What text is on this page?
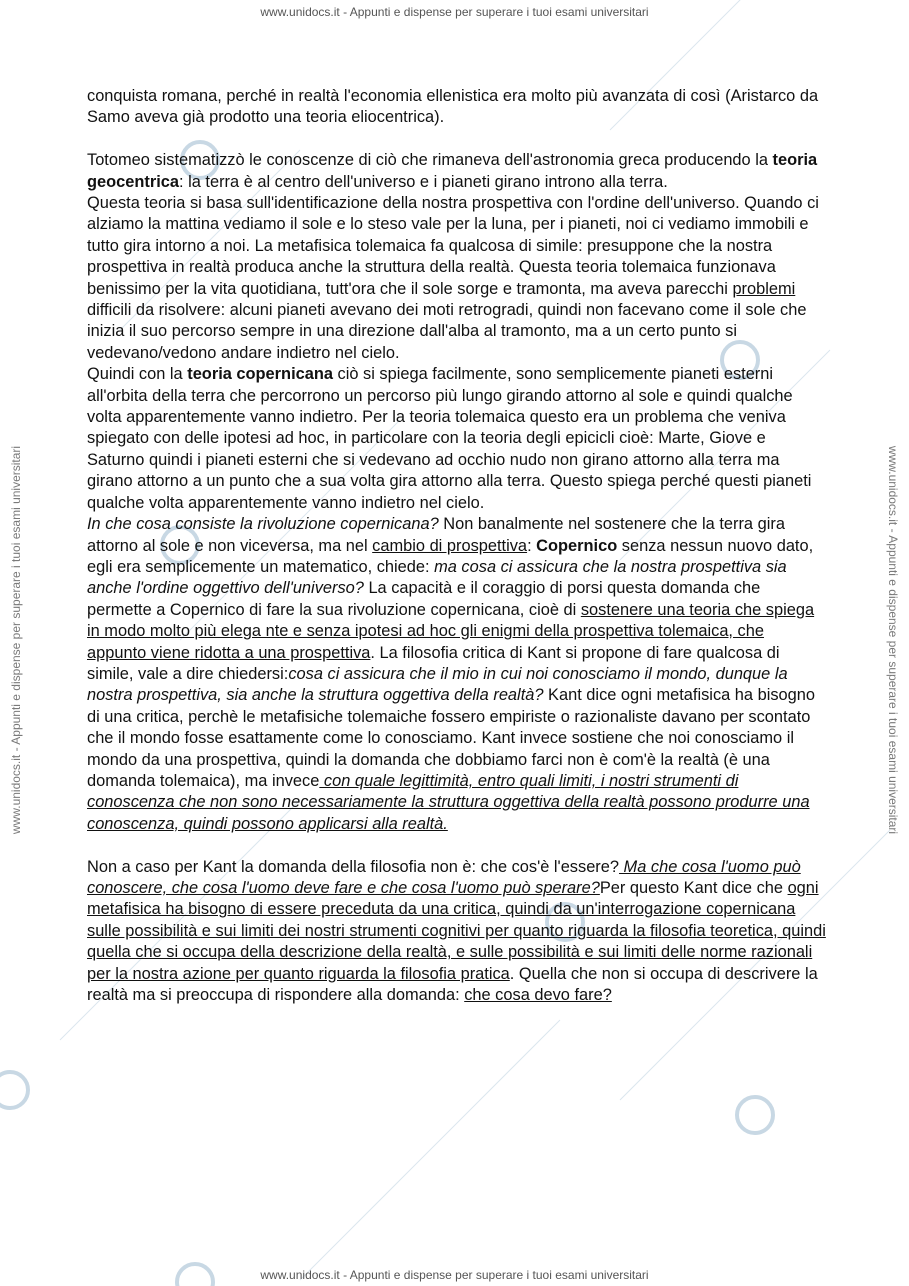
www.unidocs.it - Appunti e dispense per superare i tuoi esami universitari
www.unidocs.it - Appunti e dispense per superare i tuoi esami universitari	www.unidocs.it - Appunti e dispense per superare i tuoi esami universitari

conquista romana, perché in realtà l'economia ellenistica era molto più avanzata di così (Aristarco da Samo aveva già prodotto una teoria eliocentrica).

Totomeo sistematizzò le conoscenze di ciò che rimaneva dell'astronomia greca producendo la teoria geocentrica: la terra è al centro dell'universo e i pianeti girano introno alla terra.

Questa teoria si basa sull'identificazione della nostra prospettiva con l'ordine dell'universo. Quando ci alziamo la mattina vediamo il sole e lo steso vale per la luna, per i pianeti, noi ci vediamo immobili e tutto gira intorno a noi. La metafisica tolemaica fa qualcosa di simile: presuppone che la nostra prospettiva in realtà produca anche la struttura della realtà. Questa teoria tolemaica funzionava benissimo per la vita quotidiana, tutt'ora che il sole sorge e tramonta, ma aveva parecchi problemi difficili da risolvere: alcuni pianeti avevano dei moti retrogradi, quindi non facevano come il sole che inizia il suo percorso sempre in una direzione dall'alba al tramonto, ma a un certo punto si vedevano/vedono andare indietro nel cielo.

Quindi con la teoria copernicana ciò si spiega facilmente, sono semplicemente pianeti esterni all'orbita della terra che percorrono un percorso più lungo girando attorno al sole e quindi qualche volta apparentemente vanno indietro. Per la teoria tolemaica questo era un problema che veniva spiegato con delle ipotesi ad hoc, in particolare con la teoria degli epicicli cioè: Marte, Giove e Saturno quindi i pianeti esterni che si vedevano ad occhio nudo non girano attorno alla terra ma girano attorno a un punto che a sua volta gira attorno alla terra. Questo spiega perché questi pianeti qualche volta apparentemente vanno indietro nel cielo.

In che cosa consiste la rivoluzione copernicana? Non banalmente nel sostenere che la terra gira attorno al sole e non viceversa, ma nel cambio di prospettiva: Copernico senza nessun nuovo dato, egli era semplicemente un matematico, chiede: ma cosa ci assicura che la nostra prospettiva sia anche l'ordine oggettivo dell'universo? La capacità e il coraggio di porsi questa domanda che permette a Copernico di fare la sua rivoluzione copernicana, cioè di sostenere una teoria che spiega in modo molto più elega nte e senza ipotesi ad hoc gli enigmi della prospettiva tolemaica, che appunto viene ridotta a una prospettiva. La filosofia critica di Kant si propone di fare qualcosa di simile, vale a dire chiedersi:cosa ci assicura che il mio in cui noi conosciamo il mondo, dunque la nostra prospettiva, sia anche la struttura oggettiva della realtà? Kant dice ogni metafisica ha bisogno di una critica, perchè le metafisiche tolemaiche fossero empiriste o razionaliste davano per scontato che il mondo fosse esattamente come lo conosciamo. Kant invece sostiene che noi conosciamo il mondo da una prospettiva, quindi la domanda che dobbiamo farci non è com'è la realtà (è una domanda tolemaica), ma invece con quale legittimità, entro quali limiti, i nostri strumenti di conoscenza che non sono necessariamente la struttura oggettiva della realtà possono produrre una conoscenza, quindi possono applicarsi alla realtà.

Non a caso per Kant la domanda della filosofia non è: che cos'è l'essere? Ma che cosa l'uomo può conoscere, che cosa l'uomo deve fare e che cosa l'uomo può sperare?Per questo Kant dice che ogni metafisica ha bisogno di essere preceduta da una critica, quindi da un'interrogazione copernicana sulle possibilità e sui limiti dei nostri strumenti cognitivi per quanto riguarda la filosofia teoretica, quindi quella che si occupa della descrizione della realtà, e sulle possibilità e sui limiti delle norme razionali per la nostra azione per quanto riguarda la filosofia pratica. Quella che non si occupa di descrivere la realtà ma si preoccupa di rispondere alla domanda: che cosa devo fare?

www.unidocs.it - Appunti e dispense per superare i tuoi esami universitari
